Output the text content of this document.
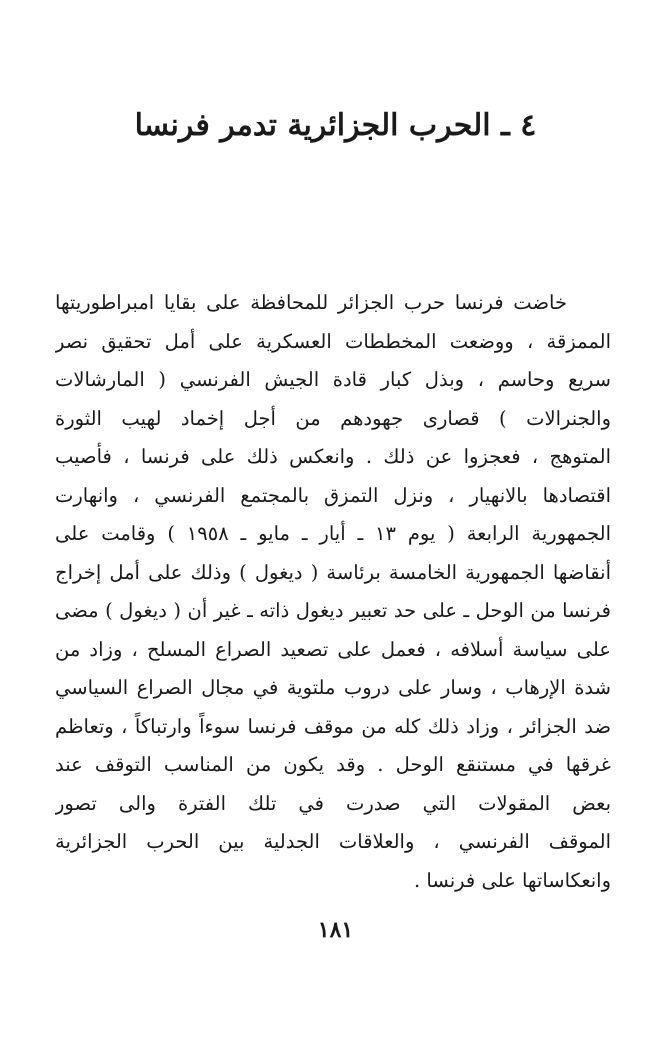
٤ ـ الحرب الجزائرية تدمر فرنسا
خاضت فرنسا حرب الجزائر للمحافظة على بقايا امبراطوريتها
الممزقة ، ووضعت المخططات العسكرية على أمل تحقيق نصر
سريع وحاسم ، وبذل كبار قادة الجيش الفرنسي ( المارشالات
والجنرالات ) قصارى جهودهم من أجل إخماد لهيب الثورة
المتوهج ، فعجزوا عن ذلك . وانعكس ذلك على فرنسا ، فأصيب
اقتصادها بالانهيار ، ونزل التمزق بالمجتمع الفرنسي ، وانهارت
الجمهورية الرابعة ( يوم ١٣ ـ أيار ـ مايو ـ ١٩٥٨ ) وقامت على
أنقاضها الجمهورية الخامسة برئاسة ( ديغول ) وذلك على أمل إخراج
فرنسا من الوحل ـ على حد تعبير ديغول ذاته ـ غير أن ( ديغول ) مضى
على سياسة أسلافه ، فعمل على تصعيد الصراع المسلح ، وزاد من
شدة الإرهاب ، وسار على دروب ملتوية في مجال الصراع السياسي
ضد الجزائر ، وزاد ذلك كله من موقف فرنسا سوءاً وارتباكاً ، وتعاظم
غرقها في مستنقع الوحل . وقد يكون من المناسب التوقف عند
بعض المقولات التي صدرت في تلك الفترة والى تصور
الموقف الفرنسي ، والعلاقات الجدلية بين الحرب الجزائرية
وانعكاساتها على فرنسا .
١٨١
